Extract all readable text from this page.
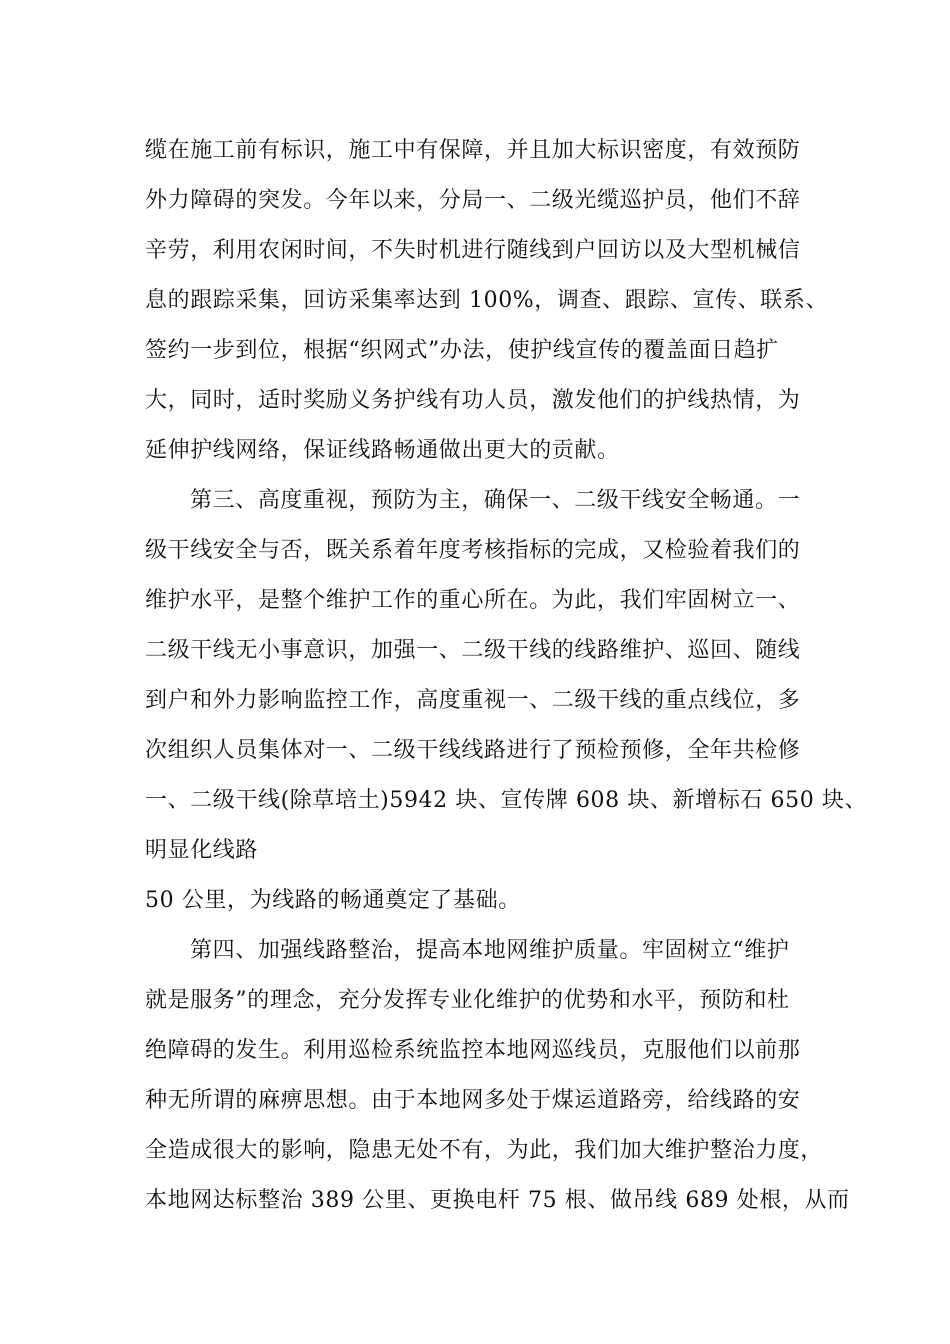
缆在施工前有标识，施工中有保障，并且加大标识密度，有效预防
外力障碍的突发。今年以来，分局一、二级光缆巡护员，他们不辞
辛劳，利用农闲时间，不失时机进行随线到户回访以及大型机械信
息的跟踪采集，回访采集率达到 100%，调查、跟踪、宣传、联系、
签约一步到位，根据“织网式”办法，使护线宣传的覆盖面日趋扩
大，同时，适时奖励义务护线有功人员，激发他们的护线热情，为
延伸护线网络，保证线路畅通做出更大的贡献。
第三、高度重视，预防为主，确保一、二级干线安全畅通。一
级干线安全与否，既关系着年度考核指标的完成，又检验着我们的
维护水平，是整个维护工作的重心所在。为此，我们牢固树立一、
二级干线无小事意识，加强一、二级干线的线路维护、巡回、随线
到户和外力影响监控工作，高度重视一、二级干线的重点线位，多
次组织人员集体对一、二级干线线路进行了预检预修，全年共检修
一、二级干线(除草培土)5942 块、宣传牌 608 块、新增标石 650 块、
明显化线路
50 公里，为线路的畅通奠定了基础。
第四、加强线路整治，提高本地网维护质量。牢固树立“维护
就是服务”的理念，充分发挥专业化维护的优势和水平，预防和杜
绝障碍的发生。利用巡检系统监控本地网巡线员，克服他们以前那
种无所谓的麻痹思想。由于本地网多处于煤运道路旁，给线路的安
全造成很大的影响，隐患无处不有，为此，我们加大维护整治力度，
本地网达标整治 389 公里、更换电杆 75 根、做吊线 689 处根，从而
